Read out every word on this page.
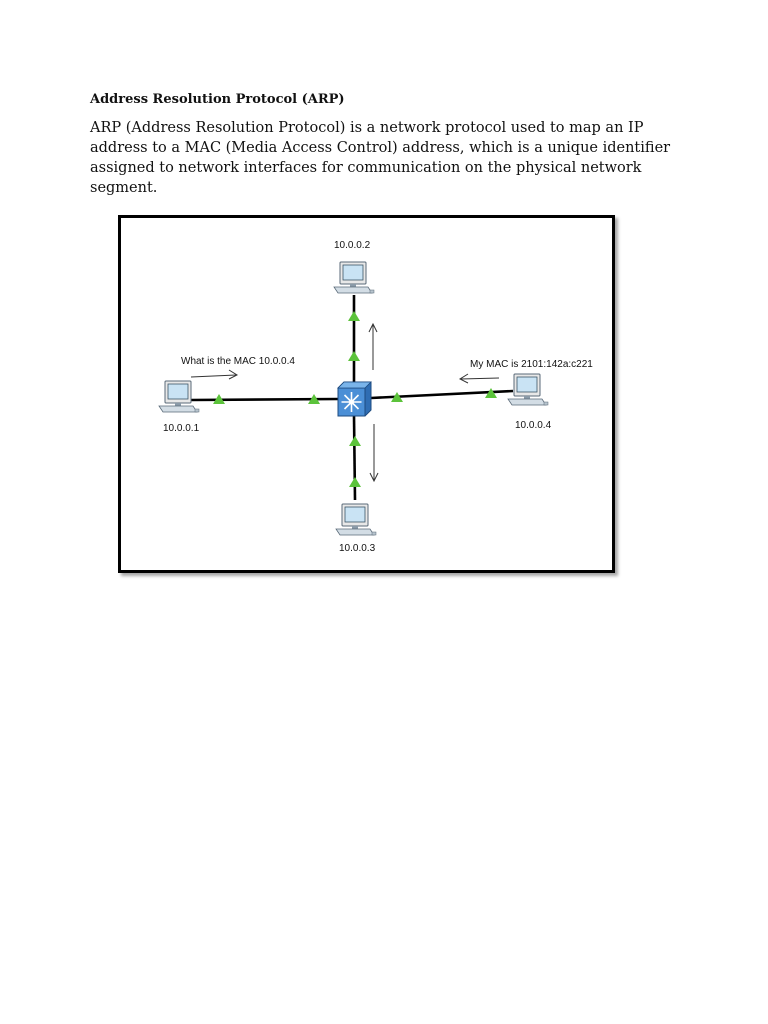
Address Resolution Protocol (ARP)

ARP (Address Resolution Protocol) is a network protocol used to map an IP address to a MAC (Media Access Control) address, which is a unique identifier assigned to network interfaces for communication on the physical network segment.

10.0.0.2
10.0.0.1	10.0.0.4
10.0.0.3
What is the MAC 10.0.0.4	My MAC is 2101:142a:c221
